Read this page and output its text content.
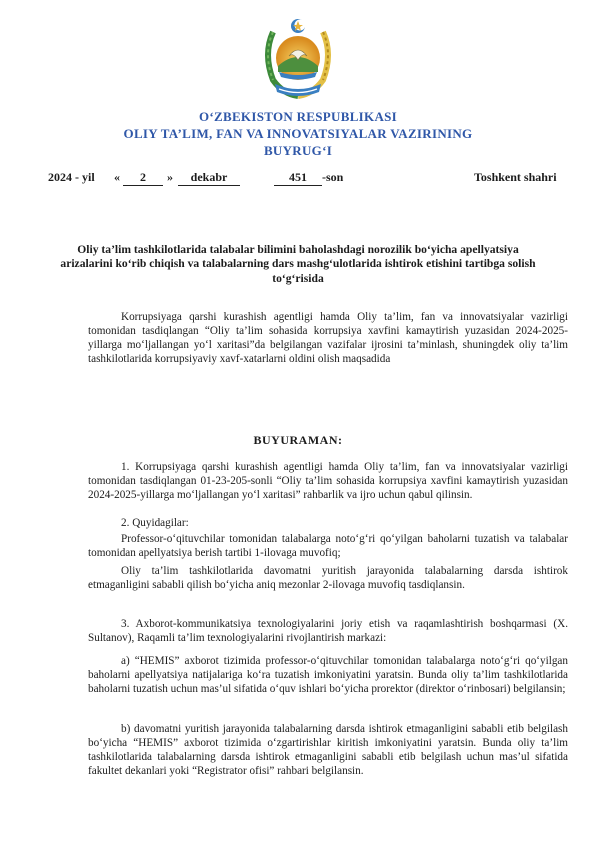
O‘ZBEKISTON RESPUBLIKASI
OLIY TA’LIM, FAN VA INNOVATSIYALAR VAZIRINING
BUYRUG‘I
2024 - yil «	2	»	dekabr	451	-son	Toshkent shahri
Oliy ta’lim tashkilotlarida talabalar bilimini baholashdagi norozilik bo‘yicha apellyatsiya arizalarini ko‘rib chiqish va talabalarning dars mashg‘ulotlarida ishtirok etishini tartibga solish to‘g‘risida
Korrupsiyaga qarshi kurashish agentligi hamda Oliy ta’lim, fan va innovatsiyalar vazirligi tomonidan tasdiqlangan “Oliy ta’lim sohasida korrupsiya xavfini kamaytirish yuzasidan 2024-2025-yillarga mo‘ljallangan yo‘l xaritasi”da belgilangan vazifalar ijrosini ta’minlash, shuningdek oliy ta’lim tashkilotlarida korrupsiyaviy xavf-xatarlarni oldini olish maqsadida
BUYURAMAN:
1. Korrupsiyaga qarshi kurashish agentligi hamda Oliy ta’lim, fan va innovatsiyalar vazirligi tomonidan tasdiqlangan 01-23-205-sonli “Oliy ta’lim sohasida korrupsiya xavfini kamaytirish yuzasidan 2024-2025-yillarga mo‘ljallangan yo‘l xaritasi” rahbarlik va ijro uchun qabul qilinsin.
2. Quyidagilar:
Professor-o‘qituvchilar tomonidan talabalarga noto‘g‘ri qo‘yilgan baholarni tuzatish va talabalar tomonidan apellyatsiya berish tartibi 1-ilovaga muvofiq;
Oliy ta’lim tashkilotlarida davomatni yuritish jarayonida talabalarning darsda ishtirok etmaganligini sababli qilish bo‘yicha aniq mezonlar 2-ilovaga muvofiq tasdiqlansin.
3. Axborot-kommunikatsiya texnologiyalarini joriy etish va raqamlashtirish boshqarmasi (X. Sultanov), Raqamli ta’lim texnologiyalarini rivojlantirish markazi:
a) “HEMIS” axborot tizimida professor-o‘qituvchilar tomonidan talabalarga noto‘g‘ri qo‘yilgan baholarni apellyatsiya natijalariga ko‘ra tuzatish imkoniyatini yaratsin. Bunda oliy ta’lim tashkilotlarida baholarni tuzatish uchun mas’ul sifatida o‘quv ishlari bo‘yicha prorektor (direktor o‘rinbosari) belgilansin;
b) davomatni yuritish jarayonida talabalarning darsda ishtirok etmaganligini sababli etib belgilash bo‘yicha “HEMIS” axborot tizimida o‘zgartirishlar kiritish imkoniyatini yaratsin. Bunda oliy ta’lim tashkilotlarida talabalarning darsda ishtirok etmaganligini sababli etib belgilash uchun mas’ul sifatida fakultet dekanlari yoki “Registrator ofisi” rahbari belgilansin.
